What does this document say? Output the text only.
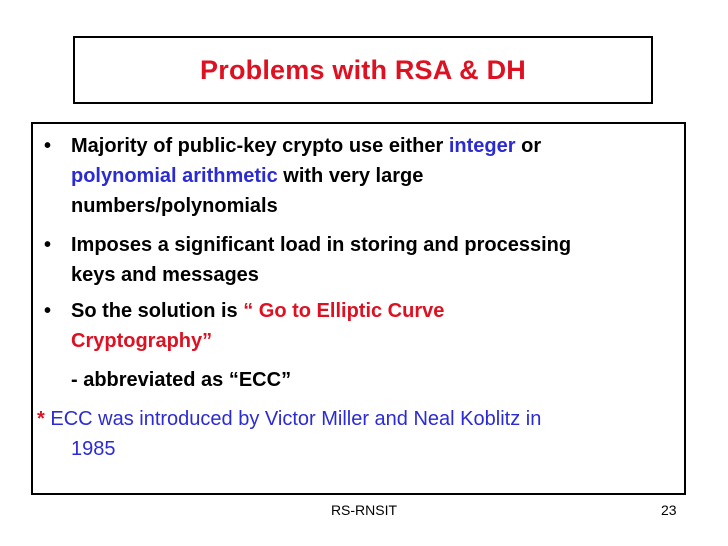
Problems with RSA & DH
• Majority of public-key crypto use either integer or
polynomial arithmetic with very large
numbers/polynomials
• Imposes a significant load in storing and processing
keys and messages
• So the solution is “ Go to Elliptic Curve
Cryptography”
- abbreviated as “ECC”
* ECC was introduced by Victor Miller and Neal Koblitz in
1985
RS-RNSIT	23
